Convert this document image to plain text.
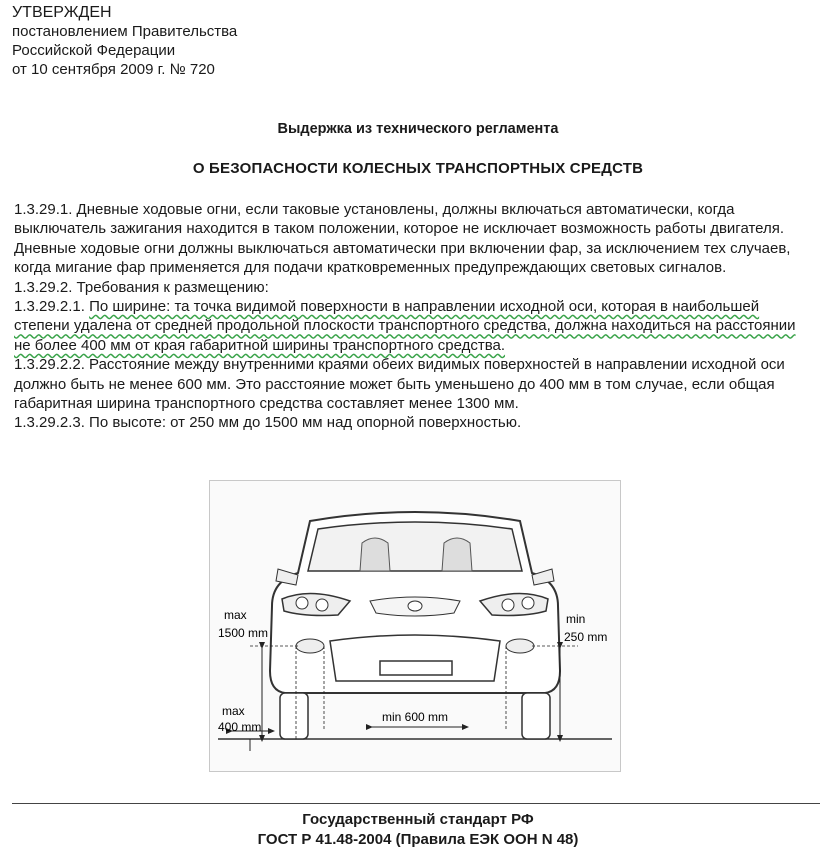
УТВЕРЖДЕН
постановлением Правительства
Российской Федерации
от 10 сентября 2009 г. № 720
Выдержка из технического регламента
О БЕЗОПАСНОСТИ КОЛЕСНЫХ ТРАНСПОРТНЫХ СРЕДСТВ

1.3.29.1. Дневные ходовые огни, если таковые установлены, должны включаться автоматически, когда выключатель зажигания находится в таком положении, которое не исключает возможность работы двигателя. Дневные ходовые огни должны выключаться автоматически при включении фар, за исключением тех случаев, когда мигание фар применяется для подачи кратковременных предупреждающих световых сигналов.

1.3.29.2. Требования к размещению:

1.3.29.2.1. По ширине: та точка видимой поверхности в направлении исходной оси, которая в наибольшей степени удалена от средней продольной плоскости транспортного средства, должна находиться на расстоянии не более 400 мм от края габаритной ширины транспортного средства.

1.3.29.2.2. Расстояние между внутренними краями обеих видимых поверхностей в направлении исходной оси должно быть не менее 600 мм. Это расстояние может быть уменьшено до 400 мм в том случае, если общая габаритная ширина транспортного средства составляет менее 1300 мм.

1.3.29.2.3. По высоте: от 250 мм до 1500 мм над опорной поверхностью.

max
1500 mm
max
400 mm
min
250 mm
min 600 mm
Государственный стандарт РФ
ГОСТ Р 41.48-2004 (Правила ЕЭК ООН N 48)
